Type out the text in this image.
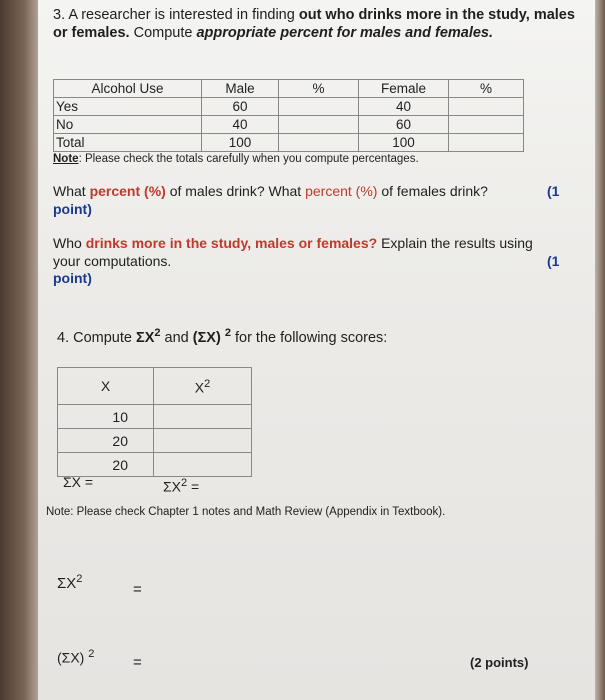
3. A researcher is interested in finding out who drinks more in the study, males or females. Compute appropriate percent for males and females.
Alcohol Use	Male	%	Female	%
Yes	60		40	
No	40		60	
Total	100		100	
Note: Please check the totals carefully when you compute percentages.
What percent (%) of males drink? What percent (%) of females drink?	(1
point)
Who drinks more in the study, males or females? Explain the results using
your computations.	(1
point)
4. Compute $\Sigma X^2$ and (ΣX) $^2$ for the following scores:
X	$X^2$
10	
20	
20	
ΣX =	$\Sigma X^2$ =
Note: Please check Chapter 1 notes and Math Review (Appendix in Textbook).
$\Sigma X^2$
=
(ΣX) $^2$	=	(2 points)
